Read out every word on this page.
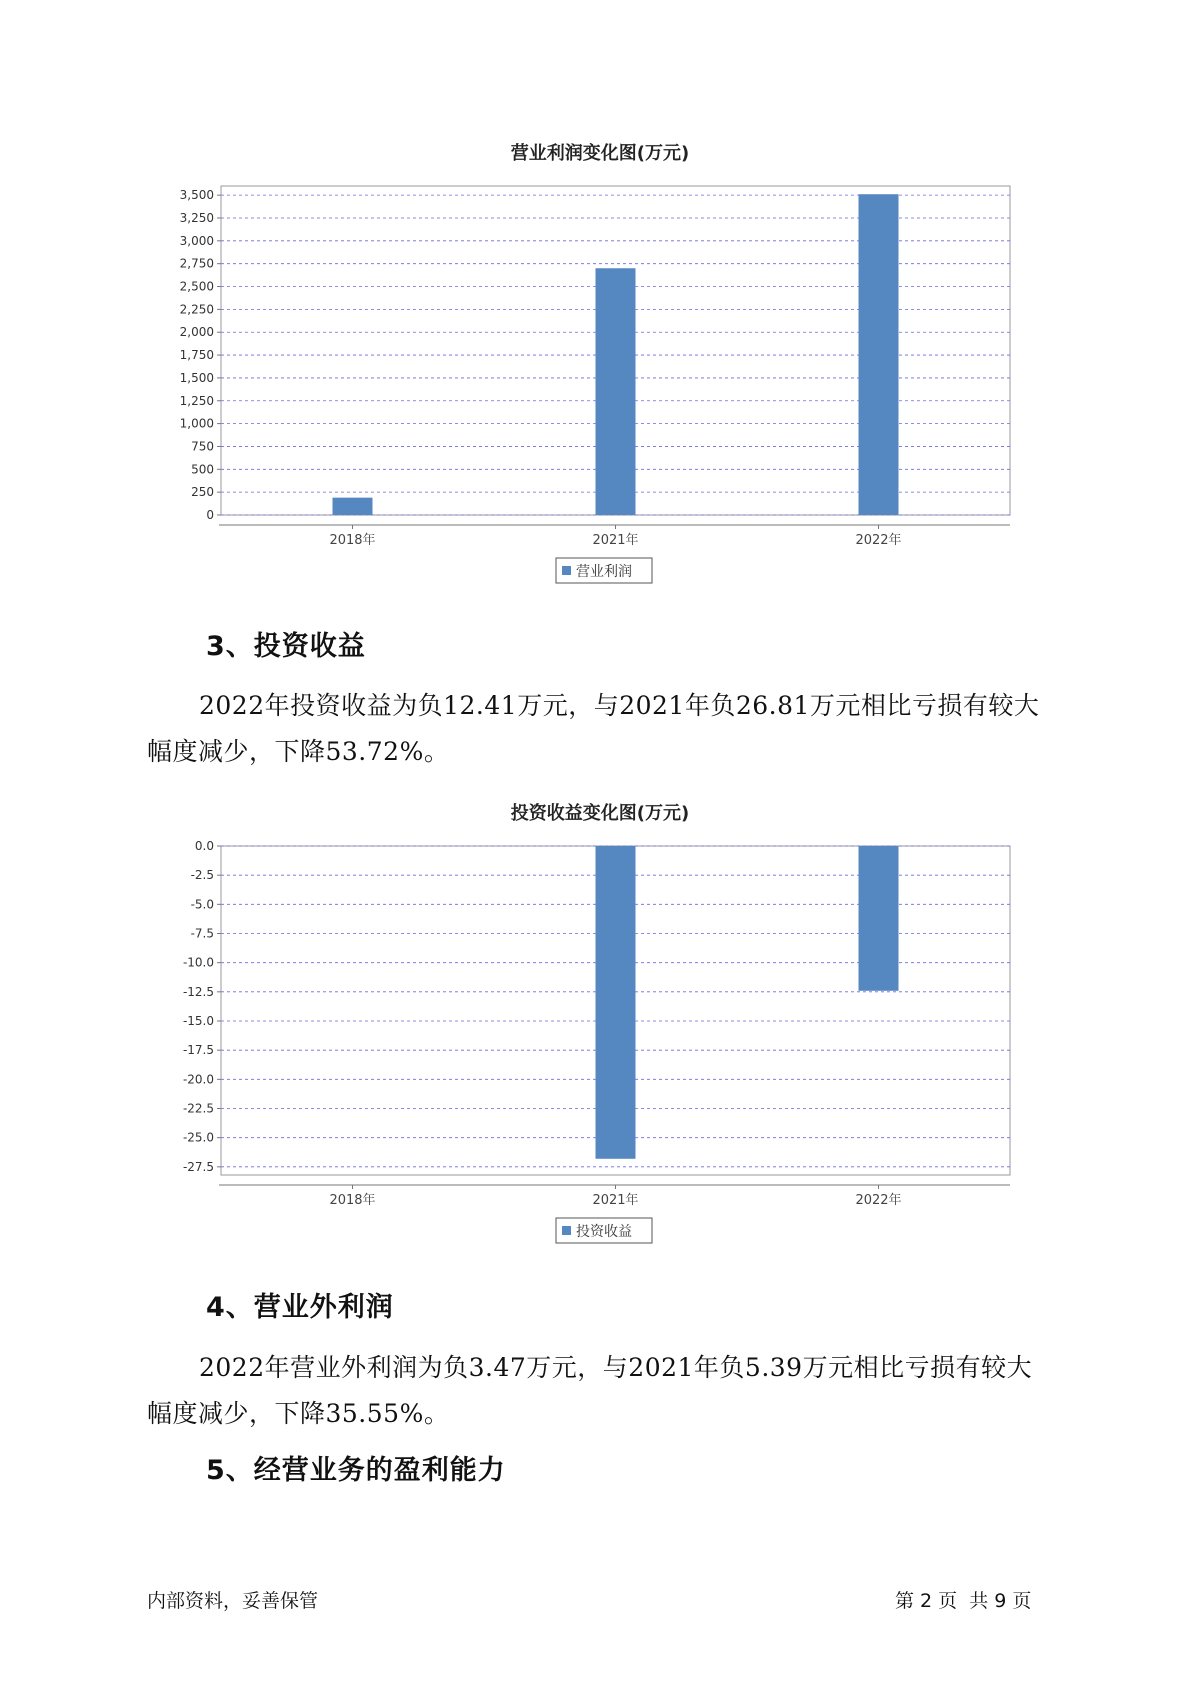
营业利润变化图(万元)
0
250
500
750
1,000
1,250
1,500
1,750
2,000
2,250
2,500
2,750
3,000
3,250
3,500
2018年	2021年	2022年
营业利润
3、投资收益

2022年投资收益为负12.41万元，与2021年负26.81万元相比亏损有较大幅度减少，下降53.72%。

投资收益变化图(万元)
0.0
-2.5
-5.0
-7.5
-10.0
-12.5
-15.0
-17.5
-20.0
-22.5
-25.0
-27.5
2018年	2021年	2022年
投资收益
4、营业外利润

2022年营业外利润为负3.47万元，与2021年负5.39万元相比亏损有较大幅度减少，下降35.55%。

5、经营业务的盈利能力
内部资料，妥善保管	第 2 页  共 9 页
